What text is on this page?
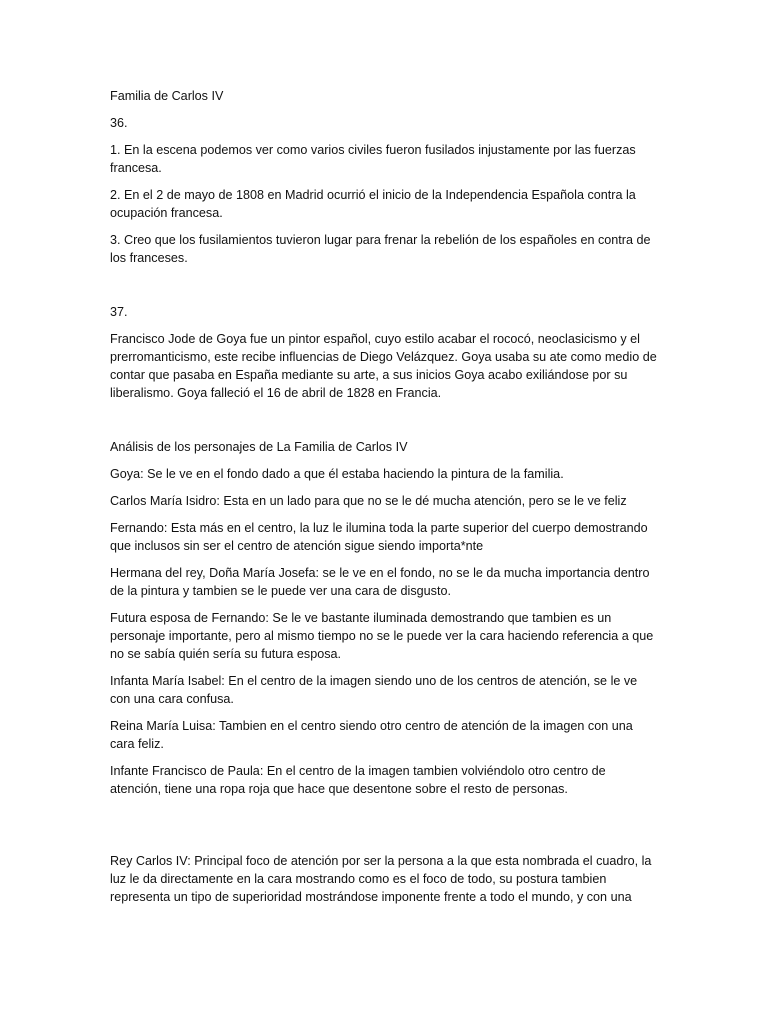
Familia de Carlos IV

36.

1. En la escena podemos ver como varios civiles fueron fusilados injustamente por las fuerzas francesa.

2. En el 2 de mayo de 1808 en Madrid ocurrió el inicio de la Independencia Española contra la ocupación francesa.

3. Creo que los fusilamientos tuvieron lugar para frenar la rebelión de los españoles en contra de los franceses.

37.

Francisco Jode de Goya fue un pintor español, cuyo estilo acabar el rococó, neoclasicismo y el prerromanticismo, este recibe influencias de Diego Velázquez. Goya usaba su ate como medio de contar que pasaba en España mediante su arte, a sus inicios Goya acabo exiliándose por su liberalismo. Goya falleció el 16 de abril de 1828 en Francia.

Análisis de los personajes de La Familia de Carlos IV

Goya: Se le ve en el fondo dado a que él estaba haciendo la pintura de la familia.

Carlos María Isidro: Esta en un lado para que no se le dé mucha atención, pero se le ve feliz

Fernando: Esta más en el centro, la luz le ilumina toda la parte superior del cuerpo demostrando que inclusos sin ser el centro de atención sigue siendo importa*nte

Hermana del rey, Doña María Josefa: se le ve en el fondo, no se le da mucha importancia dentro de la pintura y tambien se le puede ver una cara de disgusto.

Futura esposa de Fernando: Se le ve bastante iluminada demostrando que tambien es un personaje importante, pero al mismo tiempo no se le puede ver la cara haciendo referencia a que no se sabía quién sería su futura esposa.

Infanta María Isabel: En el centro de la imagen siendo uno de los centros de atención, se le ve con una cara confusa.

Reina María Luisa: Tambien en el centro siendo otro centro de atención de la imagen con una cara feliz.

Infante Francisco de Paula: En el centro de la imagen tambien volviéndolo otro centro de atención, tiene una ropa roja que hace que desentone sobre el resto de personas.

Rey Carlos IV: Principal foco de atención por ser la persona a la que esta nombrada el cuadro, la luz le da directamente en la cara mostrando como es el foco de todo, su postura tambien representa un tipo de superioridad mostrándose imponente frente a todo el mundo, y con una
